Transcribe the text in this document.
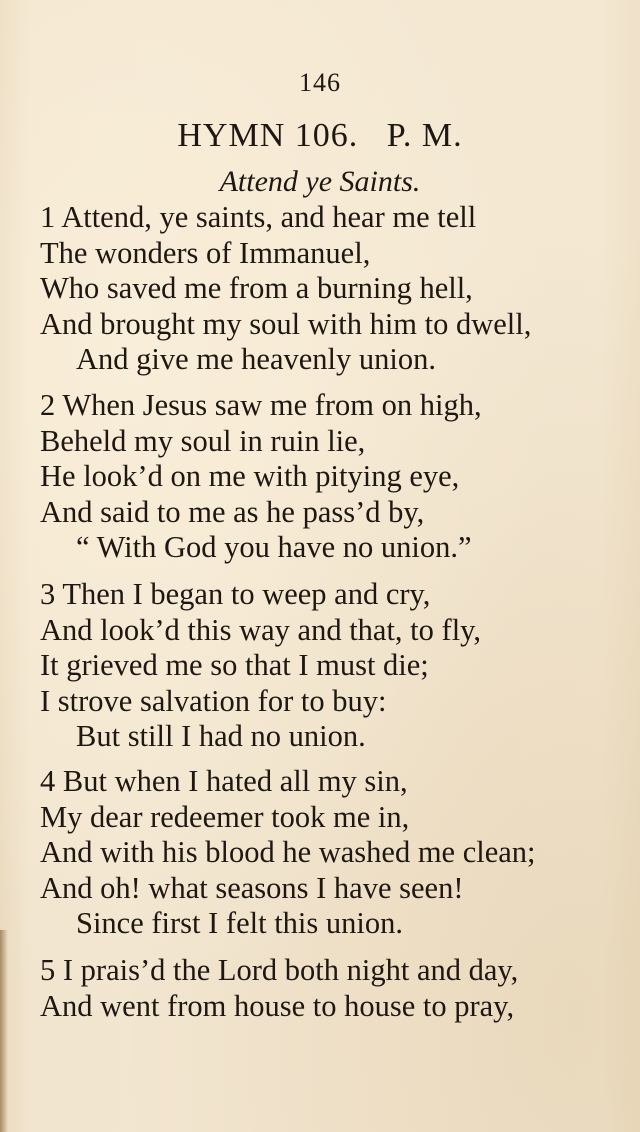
146
HYMN 106.   P. M.
Attend ye Saints.
1 Attend, ye saints, and hear me tell
The wonders of Immanuel,
Who saved me from a burning hell,
And brought my soul with him to dwell,
And give me heavenly union.
2 When Jesus saw me from on high,
Beheld my soul in ruin lie,
He look’d on me with pitying eye,
And said to me as he pass’d by,
“ With God you have no union.”
3 Then I began to weep and cry,
And look’d this way and that, to fly,
It grieved me so that I must die;
I strove salvation for to buy:
But still I had no union.
4 But when I hated all my sin,
My dear redeemer took me in,
And with his blood he washed me clean;
And oh! what seasons I have seen!
Since first I felt this union.
5 I prais’d the Lord both night and day,
And went from house to house to pray,
